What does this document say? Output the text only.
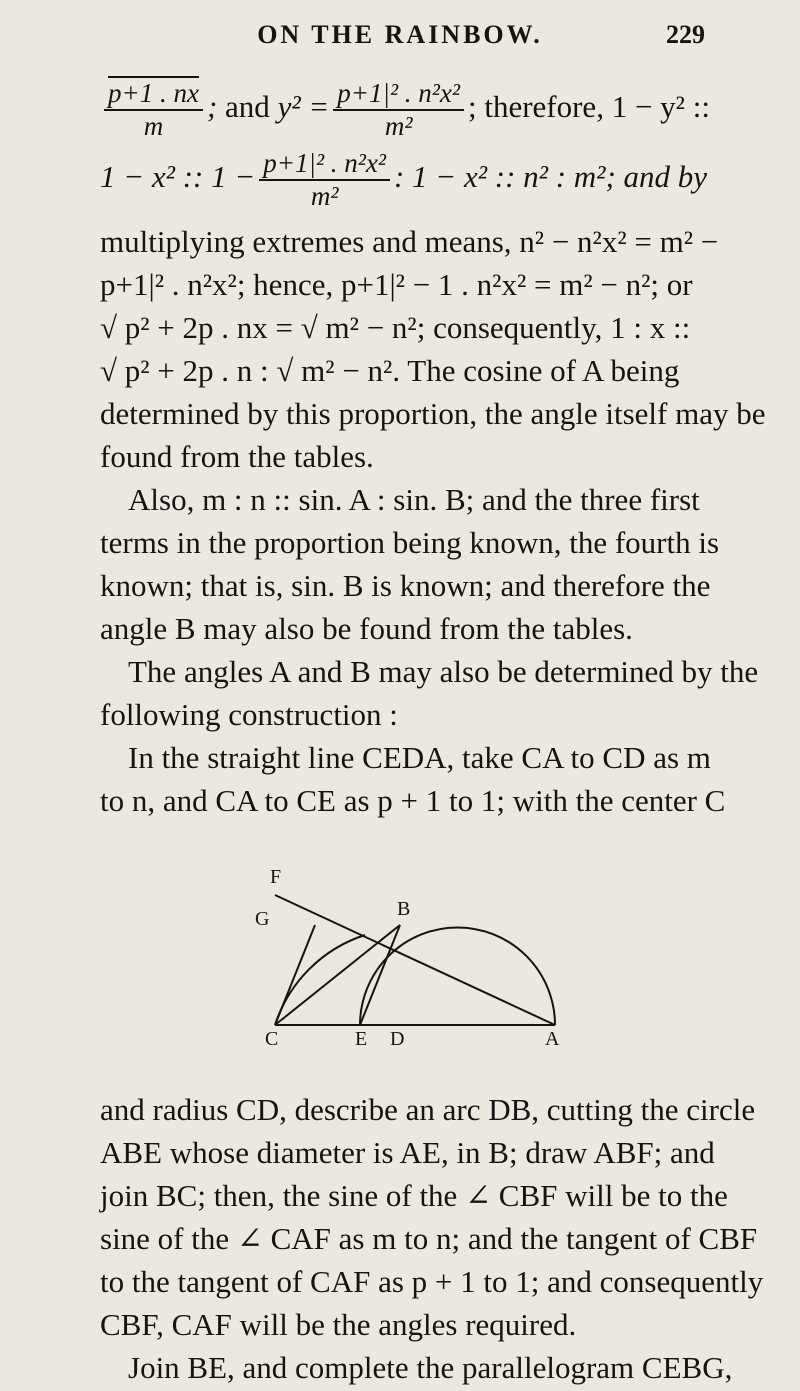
ON THE RAINBOW.	229
$\frac{p+1 . nx}{m}$ ; and $y^2 = \frac{\text{p+1|² . n²x²}}{\text{m²}}$ ; therefore, 1 − y² ::
1 − x² :: $1 - \frac{\text{p+1|² . n²x²}}{\text{m²}}$ : 1 − x² :: n² : m²; and by
multiplying extremes and means, n² − n²x² = m² −
p+1|² . n²x²; hence, p+1|² − 1 . n²x² = m² − n²; or
√ p² + 2p . nx = √ m² − n²; consequently, 1 : x ::
√ p² + 2p . n : √ m² − n². The cosine of A being
determined by this proportion, the angle itself may be
found from the tables.
Also, m : n :: sin. A : sin. B; and the three first
terms in the proportion being known, the fourth is
known; that is, sin. B is known; and therefore the
angle B may also be found from the tables.
The angles A and B may also be determined by the
following construction :
In the straight line CEDA, take CA to CD as m
to n, and CA to CE as p + 1 to 1; with the center C
F
G	B
C	E D	A
and radius CD, describe an arc DB, cutting the circle
ABE whose diameter is AE, in B; draw ABF; and
join BC; then, the sine of the ∠ CBF will be to the
sine of the ∠ CAF as m to n; and the tangent of CBF
to the tangent of CAF as p + 1 to 1; and consequently
CBF, CAF will be the angles required.
Join BE, and complete the parallelogram CEBG,
